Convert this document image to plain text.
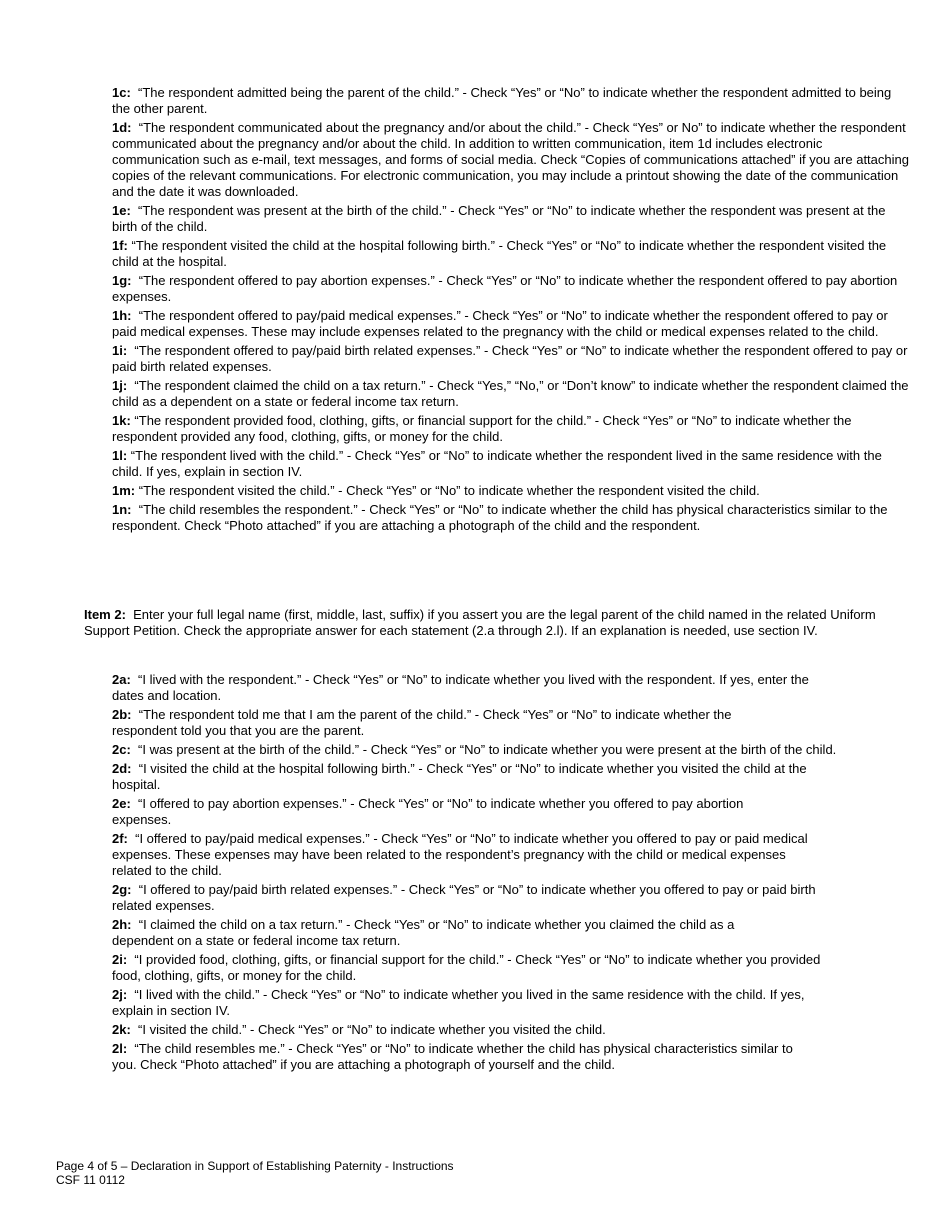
1c: “The respondent admitted being the parent of the child.” - Check “Yes” or “No” to indicate whether the respondent admitted to being the other parent.

1d: “The respondent communicated about the pregnancy and/or about the child.” - Check “Yes” or No” to indicate whether the respondent communicated about the pregnancy and/or about the child. In addition to written communication, item 1d includes electronic communication such as e-mail, text messages, and forms of social media. Check “Copies of communications attached” if you are attaching copies of the relevant communications. For electronic communication, you may include a printout showing the date of the communication and the date it was downloaded.

1e: “The respondent was present at the birth of the child.” - Check “Yes” or “No” to indicate whether the respondent was present at the birth of the child.

1f: “The respondent visited the child at the hospital following birth.” - Check “Yes” or “No” to indicate whether the respondent visited the child at the hospital.

1g: “The respondent offered to pay abortion expenses.” - Check “Yes” or “No” to indicate whether the respondent offered to pay abortion expenses.

1h: “The respondent offered to pay/paid medical expenses.” - Check “Yes” or “No” to indicate whether the respondent offered to pay or paid medical expenses. These may include expenses related to the pregnancy with the child or medical expenses related to the child.

1i: “The respondent offered to pay/paid birth related expenses.” - Check “Yes” or “No” to indicate whether the respondent offered to pay or paid birth related expenses.

1j: “The respondent claimed the child on a tax return.” - Check “Yes,” “No,” or “Don’t know” to indicate whether the respondent claimed the child as a dependent on a state or federal income tax return.

1k: “The respondent provided food, clothing, gifts, or financial support for the child.” - Check “Yes” or “No” to indicate whether the respondent provided any food, clothing, gifts, or money for the child.

1l: “The respondent lived with the child.” - Check “Yes” or “No” to indicate whether the respondent lived in the same residence with the child. If yes, explain in section IV.

1m: “The respondent visited the child.” - Check “Yes” or “No” to indicate whether the respondent visited the child.

1n: “The child resembles the respondent.” - Check “Yes” or “No” to indicate whether the child has physical characteristics similar to the respondent. Check “Photo attached” if you are attaching a photograph of the child and the respondent.

Item 2: Enter your full legal name (first, middle, last, suffix) if you assert you are the legal parent of the child named in the related Uniform Support Petition. Check the appropriate answer for each statement (2.a through 2.l). If an explanation is needed, use section IV.

2a: “I lived with the respondent.” - Check “Yes” or “No” to indicate whether you lived with the respondent. If yes, enter the dates and location.

2b: “The respondent told me that I am the parent of the child.” - Check “Yes” or “No” to indicate whether the respondent told you that you are the parent.

2c: “I was present at the birth of the child.” - Check “Yes” or “No” to indicate whether you were present at the birth of the child.

2d: “I visited the child at the hospital following birth.” - Check “Yes” or “No” to indicate whether you visited the child at the hospital.

2e: “I offered to pay abortion expenses.” - Check “Yes” or “No” to indicate whether you offered to pay abortion expenses.

2f: “I offered to pay/paid medical expenses.” - Check “Yes” or “No” to indicate whether you offered to pay or paid medical expenses. These expenses may have been related to the respondent’s pregnancy with the child or medical expenses related to the child.

2g: “I offered to pay/paid birth related expenses.” - Check “Yes” or “No” to indicate whether you offered to pay or paid birth related expenses.

2h: “I claimed the child on a tax return.” - Check “Yes” or “No” to indicate whether you claimed the child as a dependent on a state or federal income tax return.

2i: “I provided food, clothing, gifts, or financial support for the child.” - Check “Yes” or “No” to indicate whether you provided food, clothing, gifts, or money for the child.

2j: “I lived with the child.” - Check “Yes” or “No” to indicate whether you lived in the same residence with the child. If yes, explain in section IV.

2k: “I visited the child.” - Check “Yes” or “No” to indicate whether you visited the child.

2l: “The child resembles me.” - Check “Yes” or “No” to indicate whether the child has physical characteristics similar to you. Check “Photo attached” if you are attaching a photograph of yourself and the child.

Page 4 of 5 – Declaration in Support of Establishing Paternity - Instructions
CSF 11 0112
